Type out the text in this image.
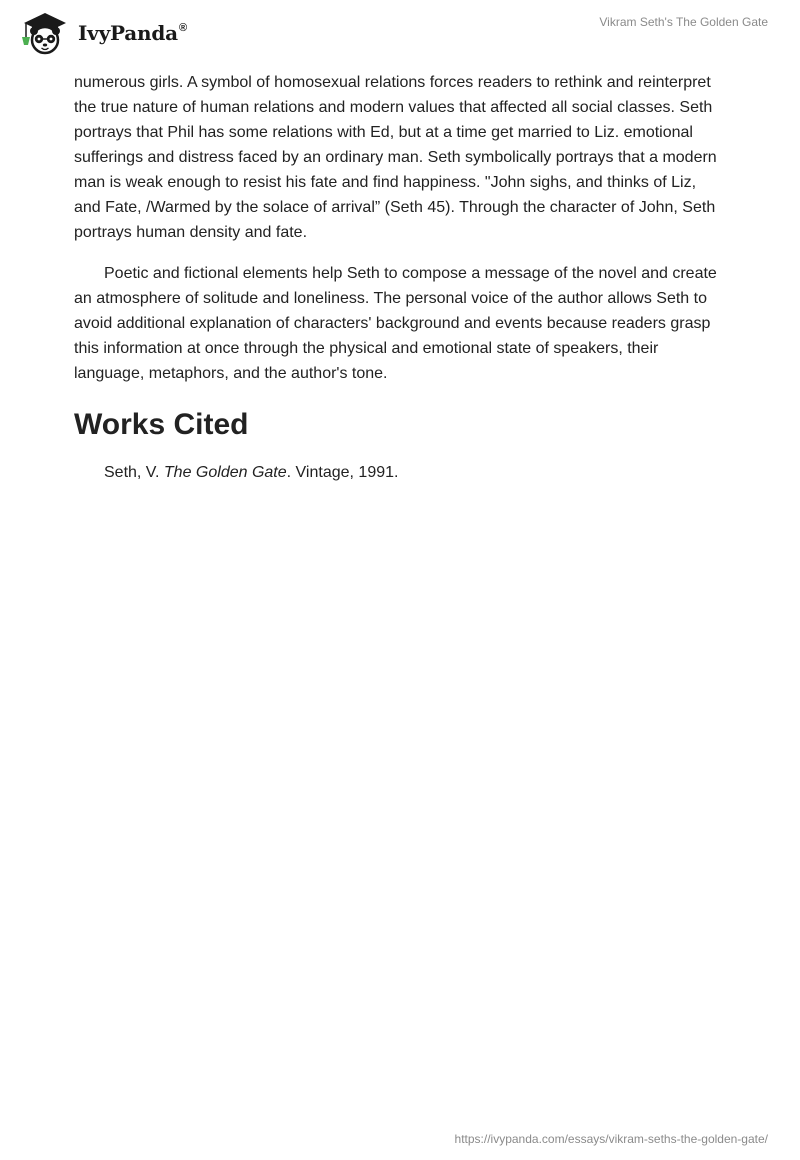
IvyPanda®	Vikram Seth's The Golden Gate

numerous girls. A symbol of homosexual relations forces readers to rethink and reinterpret the true nature of human relations and modern values that affected all social classes. Seth portrays that Phil has some relations with Ed, but at a time get married to Liz. emotional sufferings and distress faced by an ordinary man. Seth symbolically portrays that a modern man is weak enough to resist his fate and find happiness. "John sighs, and thinks of Liz, and Fate, /Warmed by the solace of arrival” (Seth 45). Through the character of John, Seth portrays human density and fate.

Poetic and fictional elements help Seth to compose a message of the novel and create an atmosphere of solitude and loneliness. The personal voice of the author allows Seth to avoid additional explanation of characters' background and events because readers grasp this information at once through the physical and emotional state of speakers, their language, metaphors, and the author's tone.

Works Cited

Seth, V. The Golden Gate. Vintage, 1991.

https://ivypanda.com/essays/vikram-seths-the-golden-gate/
